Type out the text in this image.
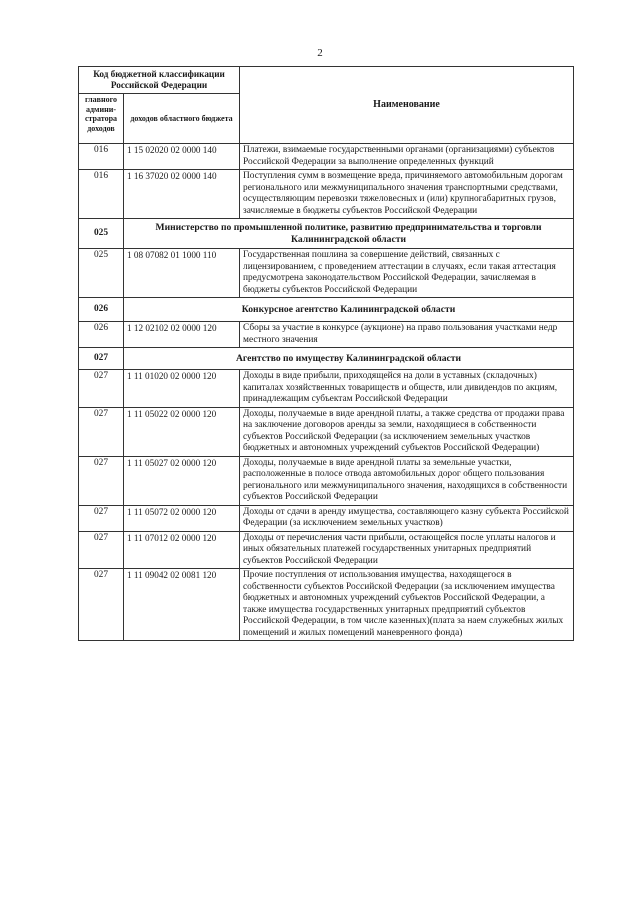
2
Код бюджетной классификации Российской Федерации		Наименование
главного админи-стратора доходов	доходов областного бюджета	
016	1 15 02020 02 0000 140	Платежи, взимаемые государственными органами (организациями) субъектов Российской Федерации за выполнение определенных функций
016	1 16 37020 02 0000 140	Поступления сумм в возмещение вреда, причиняемого автомобильным дорогам регионального или межмуниципального значения транспортными средствами, осуществляющим перевозки тяжеловесных и (или) крупногабаритных грузов, зачисляемые в бюджеты субъектов Российской Федерации
025	Министерство по промышленной политике, развитию предпринимательства и торговли Калининградской области	
025	1 08 07082 01 1000 110	Государственная пошлина за совершение действий, связанных с лицензированием, с проведением аттестации в случаях, если такая аттестация предусмотрена законодательством Российской Федерации, зачисляемая в бюджеты субъектов Российской Федерации
026	Конкурсное агентство Калининградской области	
026	1 12 02102 02 0000 120	Сборы за участие в конкурсе (аукционе) на право пользования участками недр местного значения
027	Агентство по имуществу Калининградской области	
027	1 11 01020 02 0000 120	Доходы в виде прибыли, приходящейся на доли в уставных (складочных) капиталах хозяйственных товариществ и обществ, или дивидендов по акциям, принадлежащим субъектам Российской Федерации
027	1 11 05022 02 0000 120	Доходы, получаемые в виде арендной платы, а также средства от продажи права на заключение договоров аренды за земли, находящиеся в собственности субъектов Российской Федерации (за исключением земельных участков бюджетных и автономных учреждений субъектов Российской Федерации)
027	1 11 05027 02 0000 120	Доходы, получаемые в виде арендной платы за земельные участки, расположенные в полосе отвода автомобильных дорог общего пользования регионального или межмуниципального значения, находящихся в собственности субъектов Российской Федерации
027	1 11 05072 02 0000 120	Доходы от сдачи в аренду имущества, составляющего казну субъекта Российской Федерации (за исключением земельных участков)
027	1 11 07012 02 0000 120	Доходы от перечисления части прибыли, остающейся после уплаты налогов и иных обязательных платежей государственных унитарных предприятий субъектов Российской Федерации
027	1 11 09042 02 0081 120	Прочие поступления от использования имущества, находящегося в собственности субъектов Российской Федерации (за исключением имущества бюджетных и автономных учреждений субъектов Российской Федерации, а также имущества государственных унитарных предприятий субъектов Российской Федерации, в том числе казенных)(плата за наем служебных жилых помещений и жилых помещений маневренного фонда)
